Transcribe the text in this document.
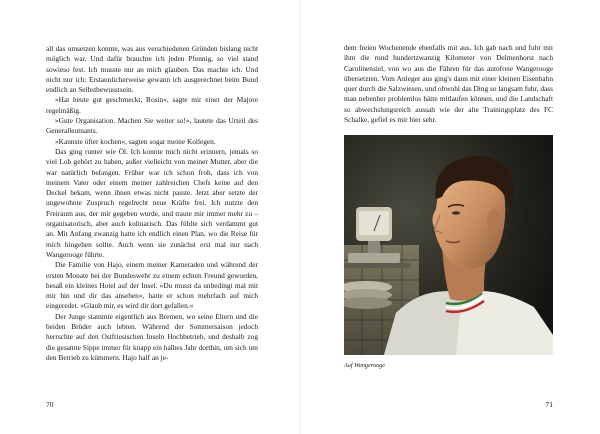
all das umsetzen konnte, was aus verschiedenen Gründen bislang nicht möglich war. Und dafür brauchte ich jeden Pfennig, so viel stand sowieso fest. Ich musste nur an mich glauben. Das machte ich. Und nicht nur ich: Erstaunlicherweise gewann ich ausgerechnet beim Bund endlich an Selbstbewusstsein.

»Hat heute gut geschmeckt, Rosin«, sagte mir einer der Majore regelmäßig.

»Gute Organisation. Machen Sie weiter so!«, lautete das Urteil des Generalleutnants.

»Kannste öfter kochen«, sagten sogar meine Kollegen.

Das ging runter wie Öl. Ich konnte mich nicht erinnern, jemals so viel Lob gehört zu haben, außer vielleicht von meiner Mutter, aber die war natürlich befangen. Früher war ich schon froh, dass ich von meinem Vater oder einem meiner zahlreichen Chefs keine auf den Deckel bekam, wenn ihnen etwas nicht passte. Jetzt aber setzte der ungewohnte Zuspruch regelrecht neue Kräfte frei. Ich nutzte den Freiraum aus, der mir gegeben wurde, und traute mir immer mehr zu – organisatorisch, aber auch kulinarisch. Das fühlte sich verdammt gut an. Mit Anfang zwanzig hatte ich endlich einen Plan, wo die Reise für mich hingehen sollte. Auch wenn sie zunächst erst mal nur nach Wangerooge führte.

Die Familie von Hajo, einem meiner Kameraden und während der ersten Monate bei der Bundeswehr zu einem echten Freund geworden, besaß ein kleines Hotel auf der Insel. »Du musst da unbedingt mal mit mir hin und dir das ansehen«, hatte er schon mehrfach auf mich eingeredet. »Glaub mir, es wird dir dort gefallen.«

Der Junge stammte eigentlich aus Bremen, wo seine Eltern und die beiden Brüder auch lebten. Während der Sommersaison jedoch herrschte auf den Ostfriesischen Inseln Hochbetrieb, und deshalb zog die gesamte Sippe immer für knapp ein halbes Jahr dorthin, um sich um den Betrieb zu kümmern. Hajo half an je-

70

dem freien Wochenende ebenfalls mit aus. Ich gab nach und fuhr mit ihm die rund hundertzwanzig Kilometer von Delmenhorst nach Carolinensiel, von wo aus die Fähren für das autofreie Wangerooge übersetzten. Vom Anleger aus ging's dann mit einer kleinen Eisenbahn quer durch die Salzwiesen, und obwohl das Ding so langsam fuhr, dass man nebenher problemlos hätte mitlaufen können, und die Landschaft so abwechslungsreich aussah wie der alte Trainingsplatz des FC Schalke, gefiel es mir hier sehr.

Auf Wangerooge
71
